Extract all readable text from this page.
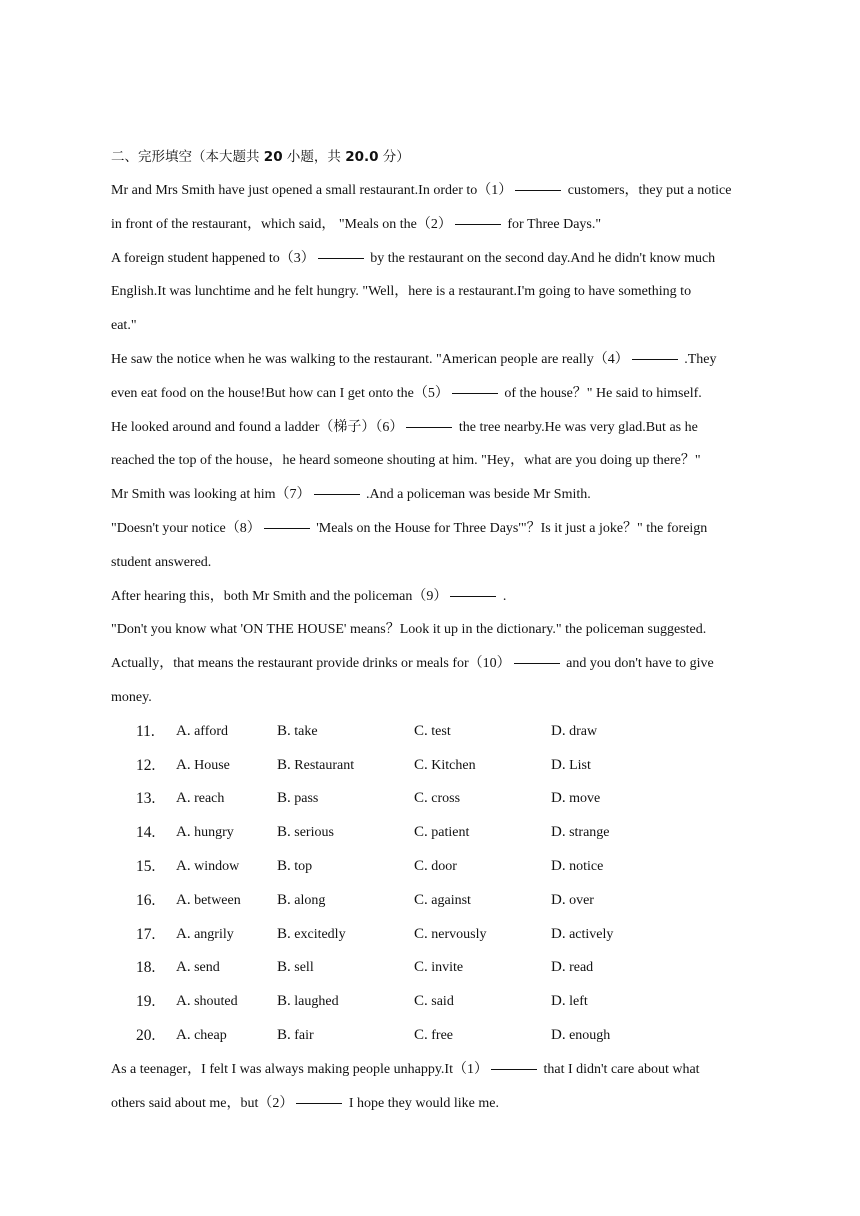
二、完形填空（本大题共 20 小题，共 20.0 分）
Mr and Mrs Smith have just opened a small restaurant.In order to（1）	customers，they put a notice
in front of the restaurant，which said， "Meals on the（2）	for Three Days."
A foreign student happened to（3）	by the restaurant on the second day.And he didn't know much
English.It was lunchtime and he felt hungry. "Well，here is a restaurant.I'm going to have something to
eat."
He saw the notice when he was walking to the restaurant. "American people are really（4）	.They
even eat food on the house!But how can I get onto the（5）	of the house？" He said to himself.
He looked around and found a ladder（梯子）（6）	the tree nearby.He was very glad.But as he
reached the top of the house，he heard someone shouting at him. "Hey，what are you doing up there？"
Mr Smith was looking at him（7）	.And a policeman was beside Mr Smith.
"Doesn't your notice（8）	'Meals on the House for Three Days'"？Is it just a joke？" the foreign
student answered.
After hearing this，both Mr Smith and the policeman（9）	.
"Don't you know what 'ON THE HOUSE' means？Look it up in the dictionary." the policeman suggested.
Actually，that means the restaurant provide drinks or meals for（10）	and you don't have to give
money.
11. A. afford	B. take	C. test	D. draw
12. A. House	B. Restaurant	C. Kitchen	D. List
13. A. reach	B. pass	C. cross	D. move
14. A. hungry	B. serious	C. patient	D. strange
15. A. window	B. top	C. door	D. notice
16. A. between B. along	C. against	D. over
17. A. angrily	B. excitedly	C. nervously	D. actively
18. A. send	B. sell	C. invite	D. read
19. A. shouted	B. laughed	C. said	D. left
20. A. cheap	B. fair	C. free	D. enough
As a teenager，I felt I was always making people unhappy.It（1）	that I didn't care about what
others said about me，but（2）	I hope they would like me.
